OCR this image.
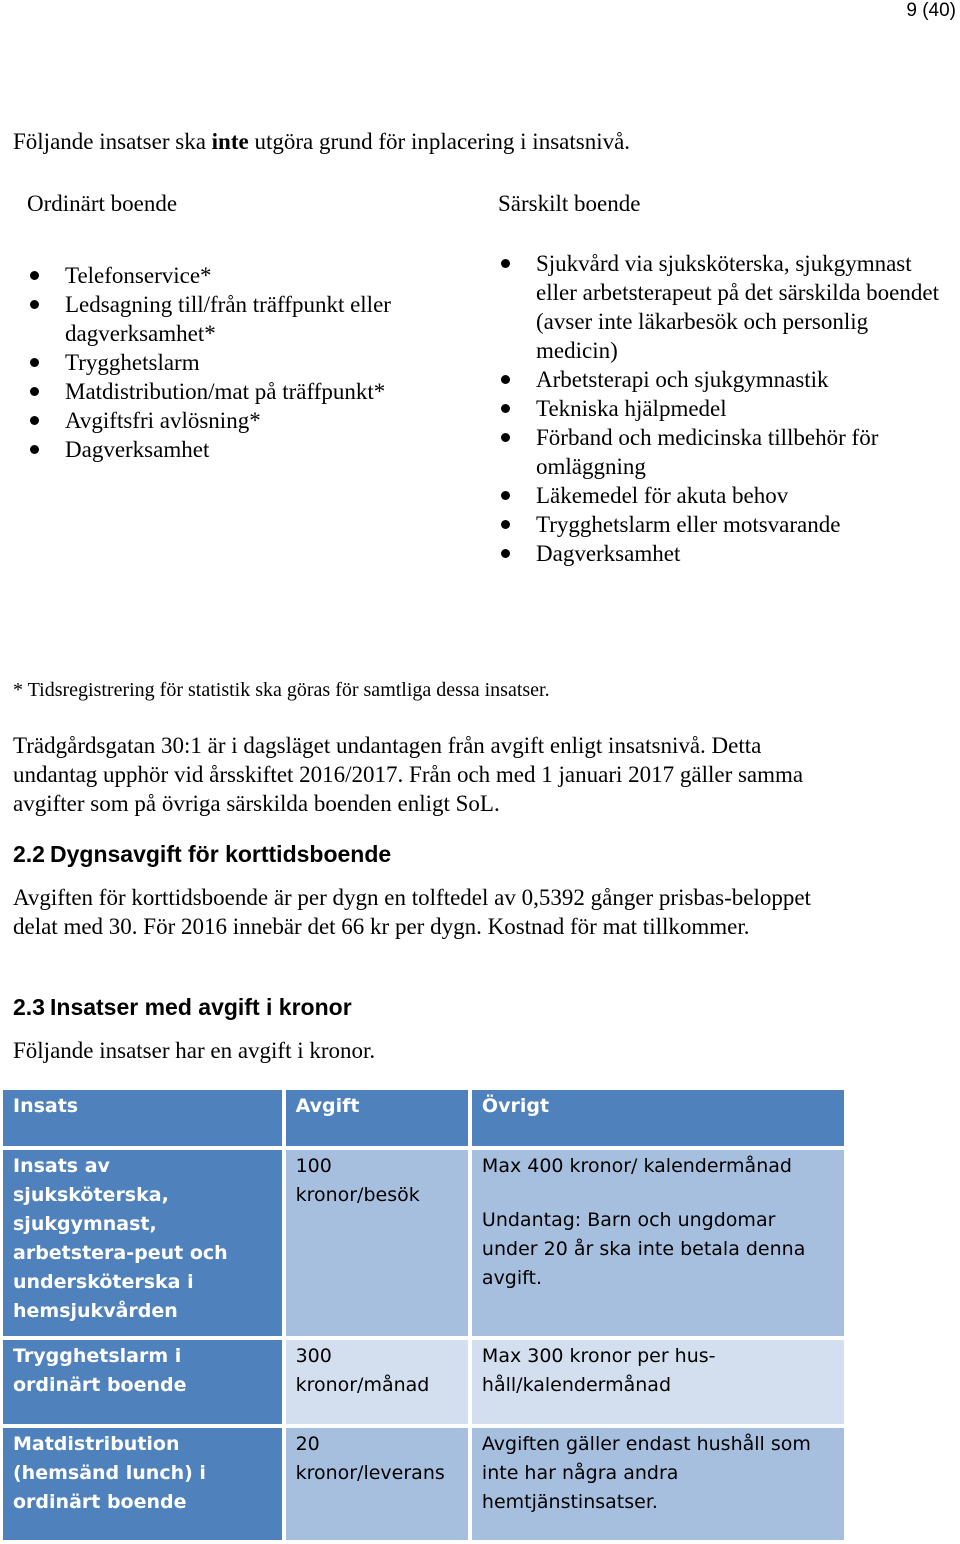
9 (40)
Följande insatser ska inte utgöra grund för inplacering i insatsnivå.
Ordinärt boende	Särskilt boende
Telefonservice*
Ledsagning till/från träffpunkt eller dagverksamhet*
Trygghetslarm
Matdistribution/mat på träffpunkt*
Avgiftsfri avlösning*
Dagverksamhet
Sjukvård via sjuksköterska, sjukgymnast eller arbetsterapeut på det särskilda boendet (avser inte läkarbesök och personlig medicin)
Arbetsterapi och sjukgymnastik
Tekniska hjälpmedel
Förband och medicinska tillbehör för omläggning
Läkemedel för akuta behov
Trygghetslarm eller motsvarande
Dagverksamhet
* Tidsregistrering för statistik ska göras för samtliga dessa insatser.
Trädgårdsgatan 30:1 är i dagsläget undantagen från avgift enligt insatsnivå. Detta undantag upphör vid årsskiftet 2016/2017. Från och med 1 januari 2017 gäller samma avgifter som på övriga särskilda boenden enligt SoL.
2.2 Dygnsavgift för korttidsboende
Avgiften för korttidsboende är per dygn en tolftedel av 0,5392 gånger prisbas-beloppet delat med 30. För 2016 innebär det 66 kr per dygn. Kostnad för mat tillkommer.
2.3 Insatser med avgift i kronor
Följande insatser har en avgift i kronor.
Insats	Avgift	Övrigt
Insats av sjuksköterska, sjukgymnast, arbetstera-peut och undersköterska i hemsjukvården	100 kronor/besök	Max 400 kronor/ kalendermånad
Undantag: Barn och ungdomar under 20 år ska inte betala denna avgift.

Trygghetslarm i ordinärt boende	300 kronor/månad	Max 300 kronor per hus-håll/kalendermånad
Matdistribution (hemsänd lunch) i ordinärt boende	20 kronor/leverans	Avgiften gäller endast hushåll som inte har några andra hemtjänstinsatser.
